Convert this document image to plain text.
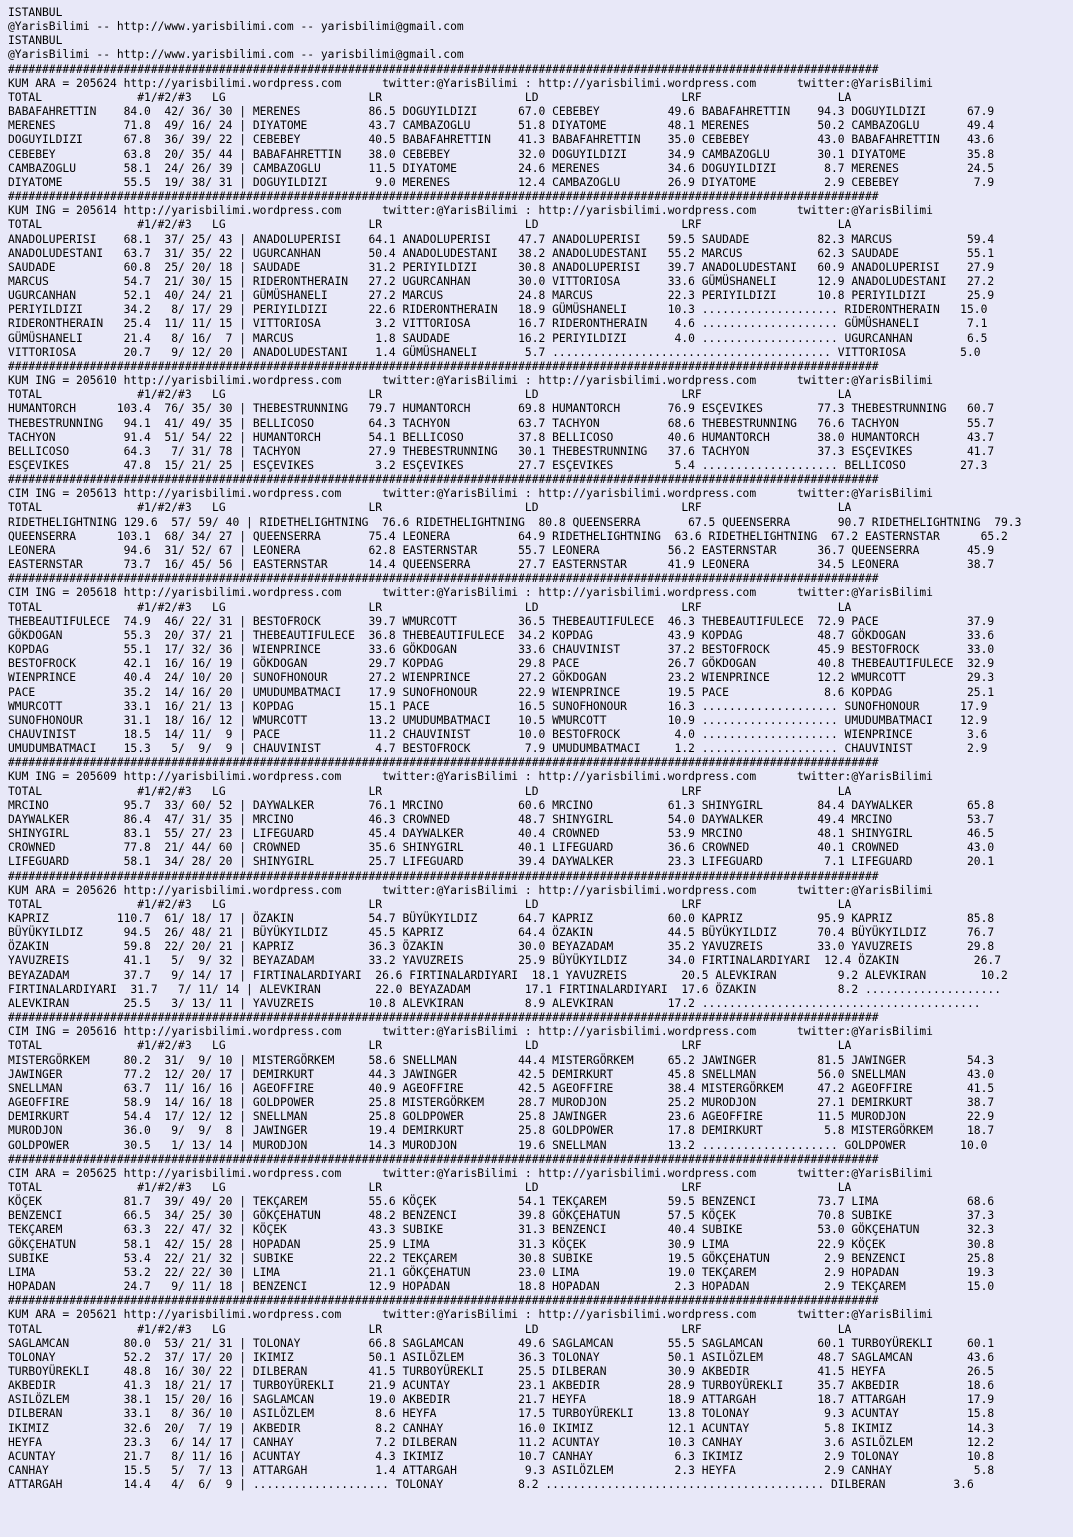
ISTANBUL
@YarisBilimi -- http://www.yarisbilimi.com -- yarisbilimi@gmail.com
ISTANBUL
@YarisBilimi -- http://www.yarisbilimi.com -- yarisbilimi@gmail.com
################################################################################################################################
KUM ARA = 205624 http://yarisbilimi.wordpress.com      twitter:@YarisBilimi : http://yarisbilimi.wordpress.com      twitter:@YarisBilimi
TOTAL              #1/#2/#3   LG                     LR                     LD                     LRF                    LA
BABAFAHRETTIN    84.0  42/ 36/ 30 | MERENES          86.5 DOGUYILDIZI      67.0 CEBEBEY          49.6 BABAFAHRETTIN    94.3 DOGUYILDIZI      67.9
MERENES          71.8  49/ 16/ 24 | DIYATOME         43.7 CAMBAZOGLU       51.8 DIYATOME         48.1 MERENES          50.2 CAMBAZOGLU       49.4
DOGUYILDIZI      67.8  36/ 39/ 22 | CEBEBEY          40.5 BABAFAHRETTIN    41.3 BABAFAHRETTIN    35.0 CEBEBEY          43.0 BABAFAHRETTIN    43.6
CEBEBEY          63.8  20/ 35/ 44 | BABAFAHRETTIN    38.0 CEBEBEY          32.0 DOGUYILDIZI      34.9 CAMBAZOGLU       30.1 DIYATOME         35.8
CAMBAZOGLU       58.1  24/ 26/ 39 | CAMBAZOGLU       11.5 DIYATOME         24.6 MERENES          34.6 DOGUYILDIZI       8.7 MERENES          24.5
DIYATOME         55.5  19/ 38/ 31 | DOGUYILDIZI       9.0 MERENES          12.4 CAMBAZOGLU       26.9 DIYATOME          2.9 CEBEBEY           7.9
################################################################################################################################
KUM ING = 205614 http://yarisbilimi.wordpress.com      twitter:@YarisBilimi : http://yarisbilimi.wordpress.com      twitter:@YarisBilimi
TOTAL              #1/#2/#3   LG                     LR                     LD                     LRF                    LA
ANADOLUPERISI    68.1  37/ 25/ 43 | ANADOLUPERISI    64.1 ANADOLUPERISI    47.7 ANADOLUPERISI    59.5 SAUDADE          82.3 MARCUS           59.4
ANADOLUDESTANI   63.7  31/ 35/ 22 | UGURCANHAN       50.4 ANADOLUDESTANI   38.2 ANADOLUDESTANI   55.2 MARCUS           62.3 SAUDADE          55.1
SAUDADE          60.8  25/ 20/ 18 | SAUDADE          31.2 PERIYILDIZI      30.8 ANADOLUPERISI    39.7 ANADOLUDESTANI   60.9 ANADOLUPERISI    27.9
MARCUS           54.7  21/ 30/ 15 | RIDERONTHERAIN   27.2 UGURCANHAN       30.0 VITTORIOSA       33.6 GÜMÜSHANELI      12.9 ANADOLUDESTANI   27.2
UGURCANHAN       52.1  40/ 24/ 21 | GÜMÜSHANELI      27.2 MARCUS           24.8 MARCUS           22.3 PERIYILDIZI      10.8 PERIYILDIZI      25.9
PERIYILDIZI      34.2   8/ 17/ 29 | PERIYILDIZI      22.6 RIDERONTHERAIN   18.9 GÜMÜSHANELI      10.3 .................... RIDERONTHERAIN   15.0
RIDERONTHERAIN   25.4  11/ 11/ 15 | VITTORIOSA        3.2 VITTORIOSA       16.7 RIDERONTHERAIN    4.6 .................... GÜMÜSHANELI       7.1
GÜMÜSHANELI      21.4   8/ 16/  7 | MARCUS            1.8 SAUDADE          16.2 PERIYILDIZI       4.0 .................... UGURCANHAN        6.5
VITTORIOSA       20.7   9/ 12/ 20 | ANADOLUDESTANI    1.4 GÜMÜSHANELI       5.7 ......................................... VITTORIOSA        5.0
################################################################################################################################
KUM ING = 205610 http://yarisbilimi.wordpress.com      twitter:@YarisBilimi : http://yarisbilimi.wordpress.com      twitter:@YarisBilimi
TOTAL              #1/#2/#3   LG                     LR                     LD                     LRF                    LA
HUMANTORCH      103.4  76/ 35/ 30 | THEBESTRUNNING   79.7 HUMANTORCH       69.8 HUMANTORCH       76.9 ESÇEVIKES        77.3 THEBESTRUNNING   60.7
THEBESTRUNNING   94.1  41/ 49/ 35 | BELLICOSO        64.3 TACHYON          63.7 TACHYON          68.6 THEBESTRUNNING   76.6 TACHYON          55.7
TACHYON          91.4  51/ 54/ 22 | HUMANTORCH       54.1 BELLICOSO        37.8 BELLICOSO        40.6 HUMANTORCH       38.0 HUMANTORCH       43.7
BELLICOSO        64.3   7/ 31/ 78 | TACHYON          27.9 THEBESTRUNNING   30.1 THEBESTRUNNING   37.6 TACHYON          37.3 ESÇEVIKES        41.7
ESÇEVIKES        47.8  15/ 21/ 25 | ESÇEVIKES         3.2 ESÇEVIKES        27.7 ESÇEVIKES         5.4 .................... BELLICOSO        27.3
################################################################################################################################
CIM ING = 205613 http://yarisbilimi.wordpress.com      twitter:@YarisBilimi : http://yarisbilimi.wordpress.com      twitter:@YarisBilimi
TOTAL              #1/#2/#3   LG                     LR                     LD                     LRF                    LA
RIDETHELIGHTNING 129.6  57/ 59/ 40 | RIDETHELIGHTNING  76.6 RIDETHELIGHTNING  80.8 QUEENSERRA       67.5 QUEENSERRA       90.7 RIDETHELIGHTNING  79.3
QUEENSERRA      103.1  68/ 34/ 27 | QUEENSERRA       75.4 LEONERA          64.9 RIDETHELIGHTNING  63.6 RIDETHELIGHTNING  67.2 EASTERNSTAR      65.2
LEONERA          94.6  31/ 52/ 67 | LEONERA          62.8 EASTERNSTAR      55.7 LEONERA          56.2 EASTERNSTAR      36.7 QUEENSERRA       45.9
EASTERNSTAR      73.7  16/ 45/ 56 | EASTERNSTAR      14.4 QUEENSERRA       27.7 EASTERNSTAR      41.9 LEONERA          34.5 LEONERA          38.7
################################################################################################################################
CIM ING = 205618 http://yarisbilimi.wordpress.com      twitter:@YarisBilimi : http://yarisbilimi.wordpress.com      twitter:@YarisBilimi
TOTAL              #1/#2/#3   LG                     LR                     LD                     LRF                    LA
THEBEAUTIFULECE  74.9  46/ 22/ 31 | BESTOFROCK       39.7 WMURCOTT         36.5 THEBEAUTIFULECE  46.3 THEBEAUTIFULECE  72.9 PACE             37.9
GÖKDOGAN         55.3  20/ 37/ 21 | THEBEAUTIFULECE  36.8 THEBEAUTIFULECE  34.2 KOPDAG           43.9 KOPDAG           48.7 GÖKDOGAN         33.6
KOPDAG           55.1  17/ 32/ 36 | WIENPRINCE       33.6 GÖKDOGAN         33.6 CHAUVINIST       37.2 BESTOFROCK       45.9 BESTOFROCK       33.0
BESTOFROCK       42.1  16/ 16/ 19 | GÖKDOGAN         29.7 KOPDAG           29.8 PACE             26.7 GÖKDOGAN         40.8 THEBEAUTIFULECE  32.9
WIENPRINCE       40.4  24/ 10/ 20 | SUNOFHONOUR      27.2 WIENPRINCE       27.2 GÖKDOGAN         23.2 WIENPRINCE       12.2 WMURCOTT         29.3
PACE             35.2  14/ 16/ 20 | UMUDUMBATMACI    17.9 SUNOFHONOUR      22.9 WIENPRINCE       19.5 PACE              8.6 KOPDAG           25.1
WMURCOTT         33.1  16/ 21/ 13 | KOPDAG           15.1 PACE             16.5 SUNOFHONOUR      16.3 .................... SUNOFHONOUR      17.9
SUNOFHONOUR      31.1  18/ 16/ 12 | WMURCOTT         13.2 UMUDUMBATMACI    10.5 WMURCOTT         10.9 .................... UMUDUMBATMACI    12.9
CHAUVINIST       18.5  14/ 11/  9 | PACE             11.2 CHAUVINIST       10.0 BESTOFROCK        4.0 .................... WIENPRINCE        3.6
UMUDUMBATMACI    15.3   5/  9/  9 | CHAUVINIST        4.7 BESTOFROCK        7.9 UMUDUMBATMACI     1.2 .................... CHAUVINIST        2.9
################################################################################################################################
KUM ING = 205609 http://yarisbilimi.wordpress.com      twitter:@YarisBilimi : http://yarisbilimi.wordpress.com      twitter:@YarisBilimi
TOTAL              #1/#2/#3   LG                     LR                     LD                     LRF                    LA
MRCINO           95.7  33/ 60/ 52 | DAYWALKER        76.1 MRCINO           60.6 MRCINO           61.3 SHINYGIRL        84.4 DAYWALKER        65.8
DAYWALKER        86.4  47/ 31/ 35 | MRCINO           46.3 CROWNED          48.7 SHINYGIRL        54.0 DAYWALKER        49.4 MRCINO           53.7
SHINYGIRL        83.1  55/ 27/ 23 | LIFEGUARD        45.4 DAYWALKER        40.4 CROWNED          53.9 MRCINO           48.1 SHINYGIRL        46.5
CROWNED          77.8  21/ 44/ 60 | CROWNED          35.6 SHINYGIRL        40.1 LIFEGUARD        36.6 CROWNED          40.1 CROWNED          43.0
LIFEGUARD        58.1  34/ 28/ 20 | SHINYGIRL        25.7 LIFEGUARD        39.4 DAYWALKER        23.3 LIFEGUARD         7.1 LIFEGUARD        20.1
################################################################################################################################
KUM ARA = 205626 http://yarisbilimi.wordpress.com      twitter:@YarisBilimi : http://yarisbilimi.wordpress.com      twitter:@YarisBilimi
TOTAL              #1/#2/#3   LG                     LR                     LD                     LRF                    LA
KAPRIZ          110.7  61/ 18/ 17 | ÖZAKIN           54.7 BÜYÜKYILDIZ      64.7 KAPRIZ           60.0 KAPRIZ           95.9 KAPRIZ           85.8
BÜYÜKYILDIZ      94.5  26/ 48/ 21 | BÜYÜKYILDIZ      45.5 KAPRIZ           64.4 ÖZAKIN           44.5 BÜYÜKYILDIZ      70.4 BÜYÜKYILDIZ      76.7
ÖZAKIN           59.8  22/ 20/ 21 | KAPRIZ           36.3 ÖZAKIN           30.0 BEYAZADAM        35.2 YAVUZREIS        33.0 YAVUZREIS        29.8
YAVUZREIS        41.1   5/  9/ 32 | BEYAZADAM        33.2 YAVUZREIS        25.9 BÜYÜKYILDIZ      34.0 FIRTINALARDIYARI  12.4 ÖZAKIN           26.7
BEYAZADAM        37.7   9/ 14/ 17 | FIRTINALARDIYARI  26.6 FIRTINALARDIYARI  18.1 YAVUZREIS        20.5 ALEVKIRAN         9.2 ALEVKIRAN        10.2
FIRTINALARDIYARI  31.7   7/ 11/ 14 | ALEVKIRAN        22.0 BEYAZADAM        17.1 FIRTINALARDIYARI  17.6 ÖZAKIN            8.2 ....................
ALEVKIRAN        25.5   3/ 13/ 11 | YAVUZREIS        10.8 ALEVKIRAN         8.9 ALEVKIRAN        17.2 .........................................
################################################################################################################################
CIM ING = 205616 http://yarisbilimi.wordpress.com      twitter:@YarisBilimi : http://yarisbilimi.wordpress.com      twitter:@YarisBilimi
TOTAL              #1/#2/#3   LG                     LR                     LD                     LRF                    LA
MISTERGÖRKEM     80.2  31/  9/ 10 | MISTERGÖRKEM     58.6 SNELLMAN         44.4 MISTERGÖRKEM     65.2 JAWINGER         81.5 JAWINGER         54.3
JAWINGER         77.2  12/ 20/ 17 | DEMIRKURT        44.3 JAWINGER         42.5 DEMIRKURT        45.8 SNELLMAN         56.0 SNELLMAN         43.0
SNELLMAN         63.7  11/ 16/ 16 | AGEOFFIRE        40.9 AGEOFFIRE        42.5 AGEOFFIRE        38.4 MISTERGÖRKEM     47.2 AGEOFFIRE        41.5
AGEOFFIRE        58.9  14/ 16/ 18 | GOLDPOWER        25.8 MISTERGÖRKEM     28.7 MURODJON         25.2 MURODJON         27.1 DEMIRKURT        38.7
DEMIRKURT        54.4  17/ 12/ 12 | SNELLMAN         25.8 GOLDPOWER        25.8 JAWINGER         23.6 AGEOFFIRE        11.5 MURODJON         22.9
MURODJON         36.0   9/  9/  8 | JAWINGER         19.4 DEMIRKURT        25.8 GOLDPOWER        17.8 DEMIRKURT         5.8 MISTERGÖRKEM     18.7
GOLDPOWER        30.5   1/ 13/ 14 | MURODJON         14.3 MURODJON         19.6 SNELLMAN         13.2 .................... GOLDPOWER        10.0
################################################################################################################################
CIM ARA = 205625 http://yarisbilimi.wordpress.com      twitter:@YarisBilimi : http://yarisbilimi.wordpress.com      twitter:@YarisBilimi
TOTAL              #1/#2/#3   LG                     LR                     LD                     LRF                    LA
KÖÇEK            81.7  39/ 49/ 20 | TEKÇAREM         55.6 KÖÇEK            54.1 TEKÇAREM         59.5 BENZENCI         73.7 LIMA             68.6
BENZENCI         66.5  34/ 25/ 30 | GÖKÇEHATUN       48.2 BENZENCI         39.8 GÖKÇEHATUN       57.5 KÖÇEK            70.8 SUBIKE           37.3
TEKÇAREM         63.3  22/ 47/ 32 | KÖÇEK            43.3 SUBIKE           31.3 BENZENCI         40.4 SUBIKE           53.0 GÖKÇEHATUN       32.3
GÖKÇEHATUN       58.1  42/ 15/ 28 | HOPADAN          25.9 LIMA             31.3 KÖÇEK            30.9 LIMA             22.9 KÖÇEK            30.8
SUBIKE           53.4  22/ 21/ 32 | SUBIKE           22.2 TEKÇAREM         30.8 SUBIKE           19.5 GÖKÇEHATUN        2.9 BENZENCI         25.8
LIMA             53.2  22/ 22/ 30 | LIMA             21.1 GÖKÇEHATUN       23.0 LIMA             19.0 TEKÇAREM          2.9 HOPADAN          19.3
HOPADAN          24.7   9/ 11/ 18 | BENZENCI         12.9 HOPADAN          18.8 HOPADAN           2.3 HOPADAN           2.9 TEKÇAREM         15.0
################################################################################################################################
KUM ARA = 205621 http://yarisbilimi.wordpress.com      twitter:@YarisBilimi : http://yarisbilimi.wordpress.com      twitter:@YarisBilimi
TOTAL              #1/#2/#3   LG                     LR                     LD                     LRF                    LA
SAGLAMCAN        80.0  53/ 21/ 31 | TOLONAY          66.8 SAGLAMCAN        49.6 SAGLAMCAN        55.5 SAGLAMCAN        60.1 TURBOYÜREKLI     60.1
TOLONAY          52.2  37/ 17/ 20 | IKIMIZ           50.1 ASILÖZLEM        36.3 TOLONAY          50.1 ASILÖZLEM        48.7 SAGLAMCAN        43.6
TURBOYÜREKLI     48.8  16/ 30/ 22 | DILBERAN         41.5 TURBOYÜREKLI     25.5 DILBERAN         30.9 AKBEDIR          41.5 HEYFA            26.5
AKBEDIR          41.3  18/ 21/ 17 | TURBOYÜREKLI     21.9 ACUNTAY          23.1 AKBEDIR          28.9 TURBOYÜREKLI     35.7 AKBEDIR          18.6
ASILÖZLEM        38.1  15/ 20/ 16 | SAGLAMCAN        19.0 AKBEDIR          21.7 HEYFA            18.9 ATTARGAH         18.7 ATTARGAH         17.9
DILBERAN         33.1   8/ 36/ 10 | ASILÖZLEM         8.6 HEYFA            17.5 TURBOYÜREKLI     13.8 TOLONAY           9.3 ACUNTAY          15.8
IKIMIZ           32.6  20/  7/ 19 | AKBEDIR           8.2 CANHAY           16.0 IKIMIZ           12.1 ACUNTAY           5.8 IKIMIZ           14.3
HEYFA            23.3   6/ 14/ 17 | CANHAY            7.2 DILBERAN         11.2 ACUNTAY          10.3 CANHAY            3.6 ASILÖZLEM        12.2
ACUNTAY          21.7   8/ 11/ 16 | ACUNTAY           4.3 IKIMIZ           10.7 CANHAY            6.3 IKIMIZ            2.9 TOLONAY          10.8
CANHAY           15.5   5/  7/ 13 | ATTARGAH          1.4 ATTARGAH          9.3 ASILÖZLEM         2.3 HEYFA             2.9 CANHAY            5.8
ATTARGAH         14.4   4/  6/  9 | .................... TOLONAY           8.2 ......................................... DILBERAN          3.6
